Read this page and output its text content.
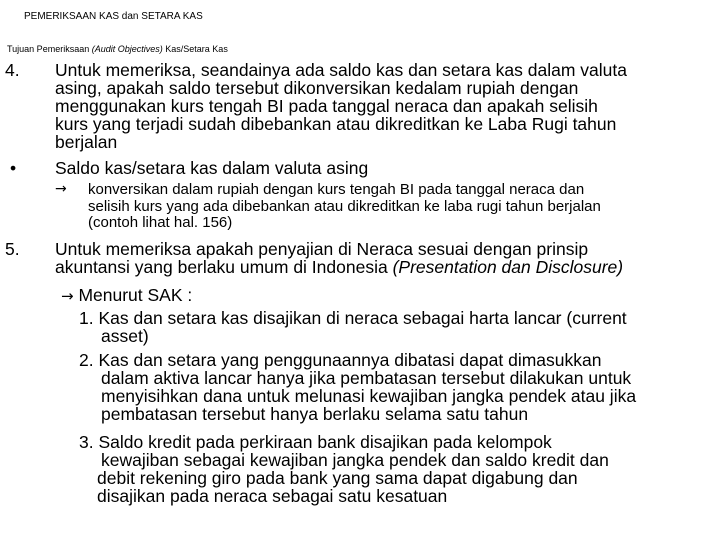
PEMERIKSAAN KAS dan SETARA KAS
Tujuan Pemeriksaan (Audit Objectives) Kas/Setara Kas
4. Untuk memeriksa, seandainya ada saldo kas dan setara kas dalam valuta
asing, apakah saldo tersebut dikonversikan kedalam rupiah dengan
menggunakan kurs tengah BI pada tanggal neraca dan apakah selisih
kurs yang terjadi sudah dibebankan atau dikreditkan ke Laba Rugi tahun
berjalan
• Saldo kas/setara kas dalam valuta asing
→ konversikan dalam rupiah dengan kurs tengah BI pada tanggal neraca dan
selisih kurs yang ada dibebankan atau dikreditkan ke laba rugi tahun berjalan
(contoh lihat hal. 156)
5. Untuk memeriksa apakah penyajian di Neraca sesuai dengan prinsip
akuntansi yang berlaku umum di Indonesia (Presentation dan Disclosure)
→ Menurut SAK :
1. Kas dan setara kas disajikan di neraca sebagai harta lancar (current
asset)
2. Kas dan setara yang penggunaannya dibatasi dapat dimasukkan
dalam aktiva lancar hanya jika pembatasan tersebut dilakukan untuk
menyisihkan dana untuk melunasi kewajiban jangka pendek atau jika
pembatasan tersebut hanya berlaku selama satu tahun
3. Saldo kredit pada perkiraan bank disajikan pada kelompok
kewajiban sebagai kewajiban jangka pendek dan saldo kredit dan
debit rekening giro pada bank yang sama dapat digabung dan
disajikan pada neraca sebagai satu kesatuan
